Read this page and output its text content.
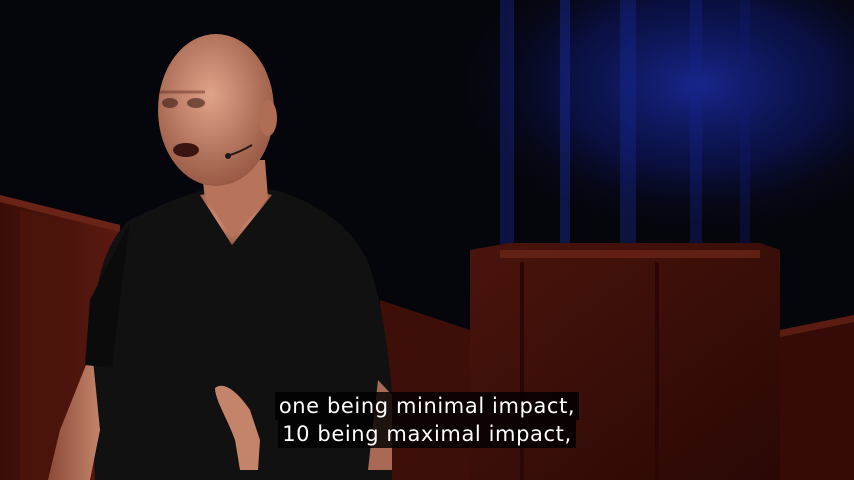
one being minimal impact,
10 being maximal impact,
